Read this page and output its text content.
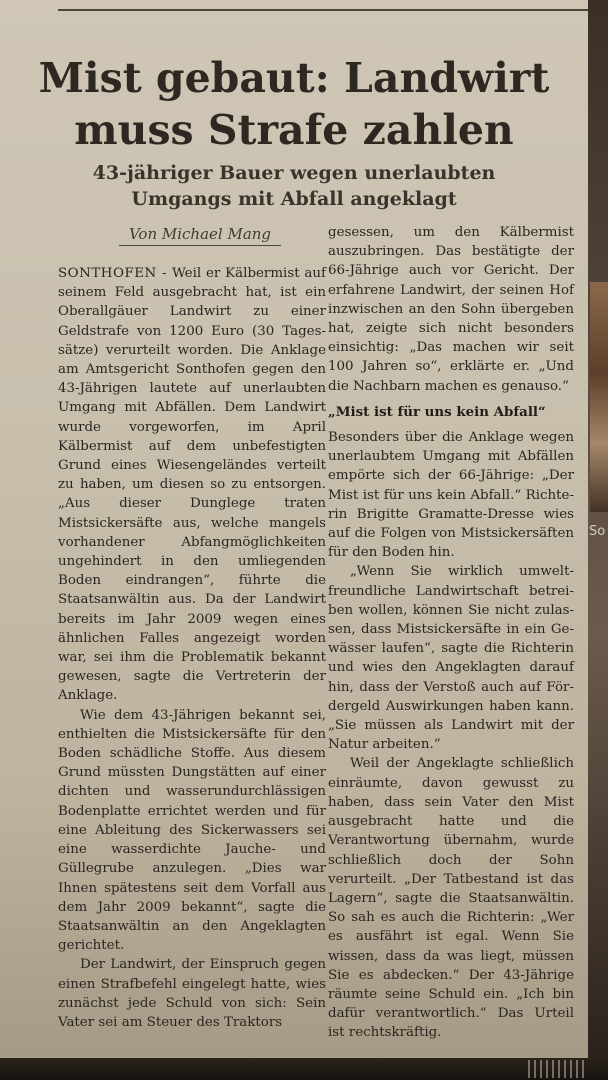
Mist gebaut: Landwirt
muss Strafe zahlen
43-jähriger Bauer wegen unerlaubten
Umgangs mit Abfall angeklagt
Von Michael Mang

SONTHOFEN - Weil er Kälbermist auf seinem Feld ausgebracht hat, ist ein Oberallgäuer Landwirt zu einer Geldstrafe von 1200 Euro (30 Tagessätze) verurteilt worden. Die Anklage am Amtsgericht Sonthofen gegen den 43-Jährigen lautete auf unerlaubten Umgang mit Abfällen. Dem Landwirt wurde vorgeworfen, im April Kälbermist auf dem unbefestigten Grund eines Wiesengeländes verteilt zu haben, um diesen so zu entsorgen. „Aus dieser Dunglege traten Mistsickersäfte aus, welche mangels vorhandener Abfangmöglichkeiten ungehindert in den umliegenden Boden eindrangen“, führte die Staatsanwältin aus. Da der Landwirt bereits im Jahr 2009 wegen eines ähnlichen Falles angezeigt worden war, sei ihm die Problematik bekannt gewesen, sagte die Vertreterin der Anklage.

Wie dem 43-Jährigen bekannt sei, enthielten die Mistsickersäfte für den Boden schädliche Stoffe. Aus diesem Grund müssten Dungstätten auf einer dichten und wasserundurchlässigen Bodenplatte errichtet werden und für eine Ableitung des Sickerwassers sei eine wasserdichte Jauche- und Güllegrube anzulegen. „Dies war Ihnen spätestens seit dem Vorfall aus dem Jahr 2009 bekannt“, sagte die Staatsanwältin an den Angeklagten gerichtet.

Der Landwirt, der Einspruch gegen einen Strafbefehl eingelegt hatte, wies zunächst jede Schuld von sich: Sein Vater sei am Steuer des Traktors

gesessen, um den Kälbermist auszubringen. Das bestätigte der 66-Jährige auch vor Gericht. Der erfahrene Landwirt, der seinen Hof inzwischen an den Sohn übergeben hat, zeigte sich nicht besonders einsichtig: „Das machen wir seit 100 Jahren so“, erklärte er. „Und die Nachbarn machen es genauso.“

„Mist ist für uns kein Abfall“

Besonders über die Anklage wegen unerlaubtem Umgang mit Abfällen empörte sich der 66-Jährige: „Der Mist ist für uns kein Abfall.“ Richterin Brigitte Gramatte-Dresse wies auf die Folgen von Mistsickersäften für den Boden hin.

„Wenn Sie wirklich umweltfreundliche Landwirtschaft betreiben wollen, können Sie nicht zulassen, dass Mistsickersäfte in ein Gewässer laufen“, sagte die Richterin und wies den Angeklagten darauf hin, dass der Verstoß auch auf Fördergeld Auswirkungen haben kann. „Sie müssen als Landwirt mit der Natur arbeiten.“

Weil der Angeklagte schließlich einräumte, davon gewusst zu haben, dass sein Vater den Mist ausgebracht hatte und die Verantwortung übernahm, wurde schließlich doch der Sohn verurteilt. „Der Tatbestand ist das Lagern“, sagte die Staatsanwältin. So sah es auch die Richterin: „Wer es ausfährt ist egal. Wenn Sie wissen, dass da was liegt, müssen Sie es abdecken.“ Der 43-Jährige räumte seine Schuld ein. „Ich bin dafür verantwortlich.“ Das Urteil ist rechtskräftig.

So
